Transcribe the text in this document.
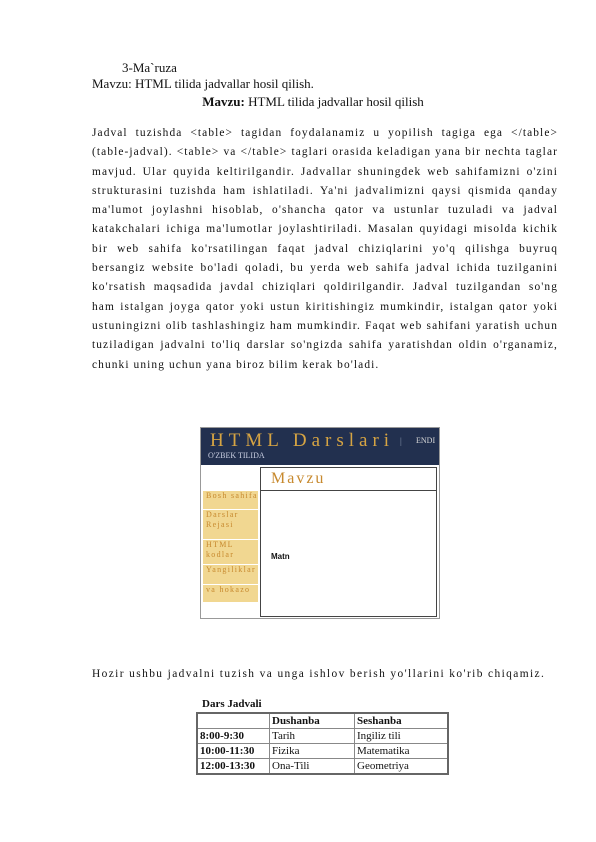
3-Ma`ruza
Mavzu: HTML tilida jadvallar hosil qilish.
Mavzu: HTML tilida jadvallar hosil qilish
Jadval tuzishda <table> tagidan foydalanamiz u yopilish tagiga ega </table> (table-jadval). <table> va </table> taglari orasida keladigan yana bir nechta taglar mavjud. Ular quyida keltirilgandir. Jadvallar shuningdek web sahifamizni o'zini strukturasini tuzishda ham ishlatiladi. Ya'ni jadvalimizni qaysi qismida qanday ma'lumot joylashni hisoblab, o'shancha qator va ustunlar tuzuladi va jadval katakchalari ichiga ma'lumotlar joylashtiriladi. Masalan quyidagi misolda kichik bir web sahifa ko'rsatilingan faqat jadval chiziqlarini yo'q qilishga buyruq bersangiz website bo'ladi qoladi, bu yerda web sahifa jadval ichida tuzilganini ko'rsatish maqsadida javdal chiziqlari qoldirilgandir. Jadval tuzilgandan so'ng ham istalgan joyga qator yoki ustun kiritishingiz mumkindir, istalgan qator yoki ustuningizni olib tashlashingiz ham mumkindir. Faqat web sahifani yaratish uchun tuziladigan jadvalni to'liq darslar so'ngizda sahifa yaratishdan oldin o'rganamiz, chunki uning uchun yana biroz bilim kerak bo'ladi.
HTML Darslari | ENDI
O'ZBEK TILIDA
Mavzu
Bosh sahifa
Darslar Rejasi
HTML kodlar
Yangiliklar
va hokazo
Matn
Hozir ushbu jadvalni tuzish va unga ishlov berish yo'llarini ko'rib chiqamiz.
Dars Jadvali
	Dushanba	Seshanba
8:00-9:30	Tarih	Ingiliz tili
10:00-11:30	Fizika	Matematika
12:00-13:30	Ona-Tili	Geometriya
